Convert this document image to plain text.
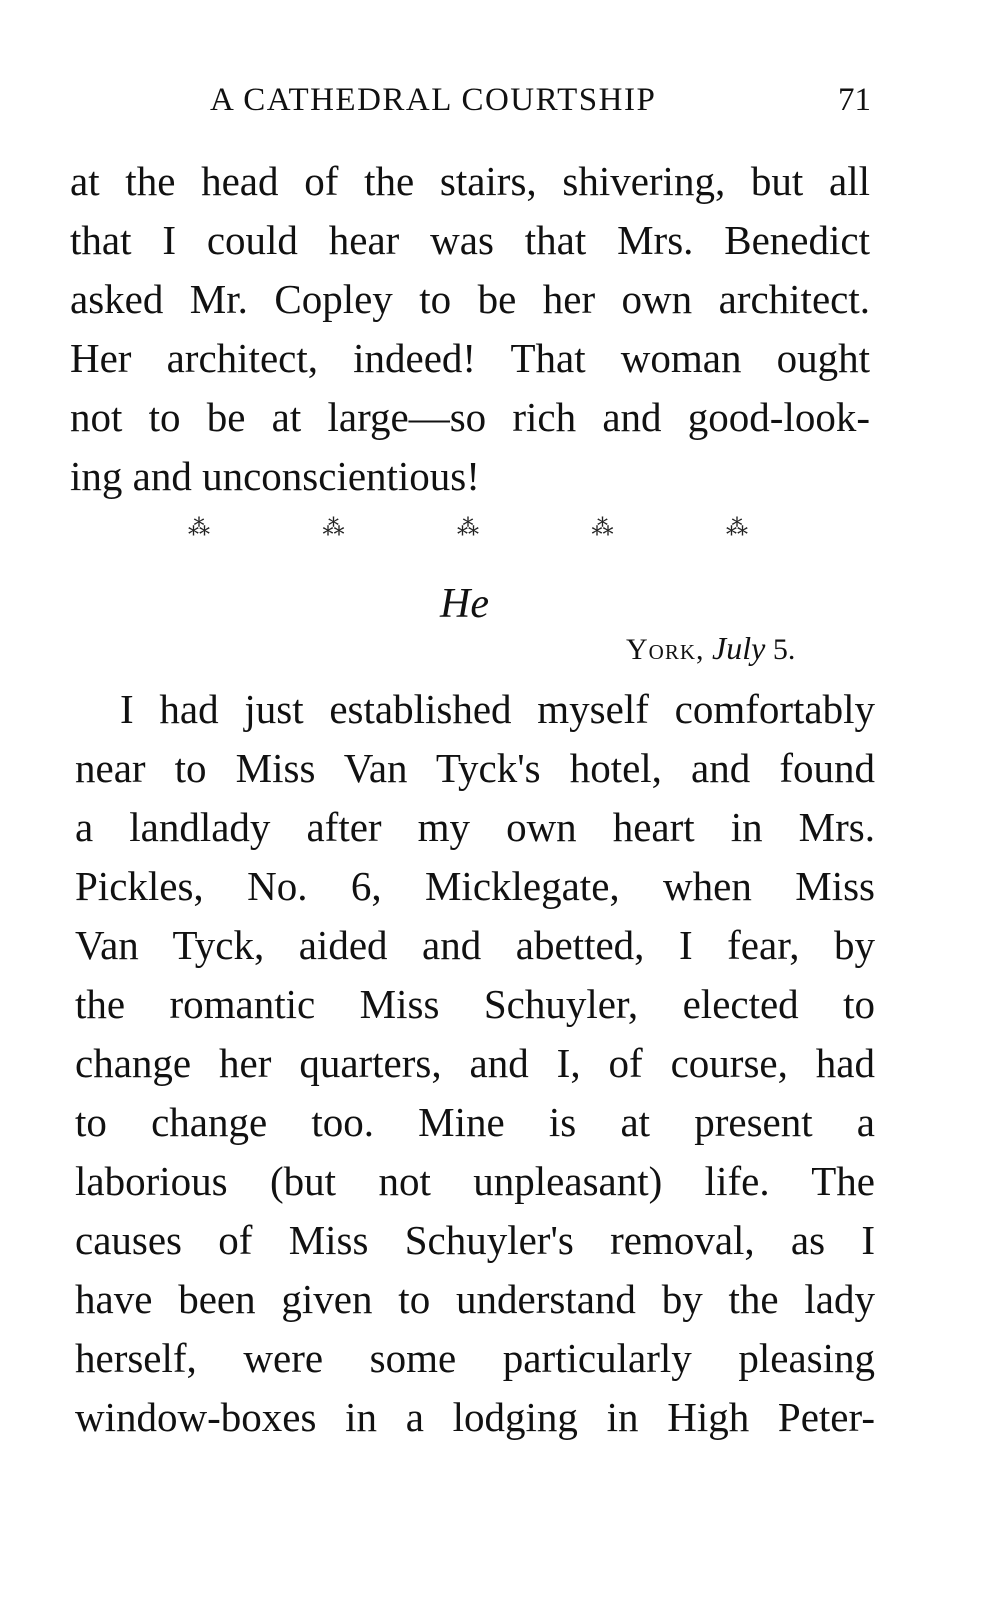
A CATHEDRAL COURTSHIP	71
at the head of the stairs, shivering, but all
that I could hear was that Mrs. Benedict
asked Mr. Copley to be her own architect.
Her architect, indeed! That woman ought
not to be at large—so rich and good-look-
ing and unconscientious!
⁂	⁂	⁂	⁂	⁂
He
York, July 5.
I had just established myself comfortably
near to Miss Van Tyck's hotel, and found
a landlady after my own heart in Mrs.
Pickles, No. 6, Micklegate, when Miss
Van Tyck, aided and abetted, I fear, by
the romantic Miss Schuyler, elected to
change her quarters, and I, of course, had
to change too. Mine is at present a
laborious (but not unpleasant) life. The
causes of Miss Schuyler's removal, as I
have been given to understand by the lady
herself, were some particularly pleasing
window-boxes in a lodging in High Peter-
